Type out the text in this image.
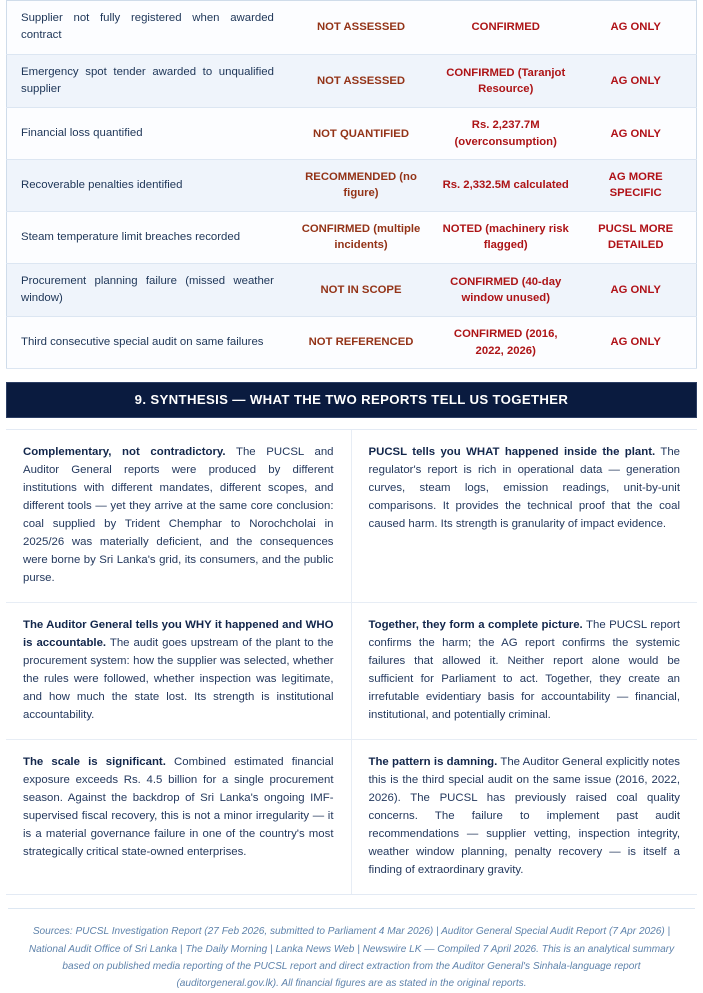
Supplier not fully registered when awarded contract	NOT ASSESSED	CONFIRMED	AG ONLY
Emergency spot tender awarded to unqualified supplier	NOT ASSESSED	CONFIRMED (Taranjot Resource)	AG ONLY
Financial loss quantified	NOT QUANTIFIED	Rs. 2,237.7M (overconsumption)	AG ONLY
Recoverable penalties identified	RECOMMENDED (no figure)	Rs. 2,332.5M calculated	AG MORE SPECIFIC
Steam temperature limit breaches recorded	CONFIRMED (multiple incidents)	NOTED (machinery risk flagged)	PUCSL MORE DETAILED
Procurement planning failure (missed weather window)	NOT IN SCOPE	CONFIRMED (40-day window unused)	AG ONLY
Third consecutive special audit on same failures	NOT REFERENCED	CONFIRMED (2016, 2022, 2026)	AG ONLY
9. SYNTHESIS — WHAT THE TWO REPORTS TELL US TOGETHER
Complementary, not contradictory. The PUCSL and Auditor General reports were produced by different institutions with different mandates, different scopes, and different tools — yet they arrive at the same core conclusion: coal supplied by Trident Chemphar to Norochcholai in 2025/26 was materially deficient, and the consequences were borne by Sri Lanka's grid, its consumers, and the public purse.
PUCSL tells you WHAT happened inside the plant. The regulator's report is rich in operational data — generation curves, steam logs, emission readings, unit-by-unit comparisons. It provides the technical proof that the coal caused harm. Its strength is granularity of impact evidence.
The Auditor General tells you WHY it happened and WHO is accountable. The audit goes upstream of the plant to the procurement system: how the supplier was selected, whether the rules were followed, whether inspection was legitimate, and how much the state lost. Its strength is institutional accountability.
Together, they form a complete picture. The PUCSL report confirms the harm; the AG report confirms the systemic failures that allowed it. Neither report alone would be sufficient for Parliament to act. Together, they create an irrefutable evidentiary basis for accountability — financial, institutional, and potentially criminal.
The scale is significant. Combined estimated financial exposure exceeds Rs. 4.5 billion for a single procurement season. Against the backdrop of Sri Lanka's ongoing IMF-supervised fiscal recovery, this is not a minor irregularity — it is a material governance failure in one of the country's most strategically critical state-owned enterprises.
The pattern is damning. The Auditor General explicitly notes this is the third special audit on the same issue (2016, 2022, 2026). The PUCSL has previously raised coal quality concerns. The failure to implement past audit recommendations — supplier vetting, inspection integrity, weather window planning, penalty recovery — is itself a finding of extraordinary gravity.
Sources: PUCSL Investigation Report (27 Feb 2026, submitted to Parliament 4 Mar 2026) | Auditor General Special Audit Report (7 Apr 2026) | National Audit Office of Sri Lanka | The Daily Morning | Lanka News Web | Newswire LK — Compiled 7 April 2026. This is an analytical summary based on published media reporting of the PUCSL report and direct extraction from the Auditor General's Sinhala-language report (auditorgeneral.gov.lk). All financial figures are as stated in the original reports.
